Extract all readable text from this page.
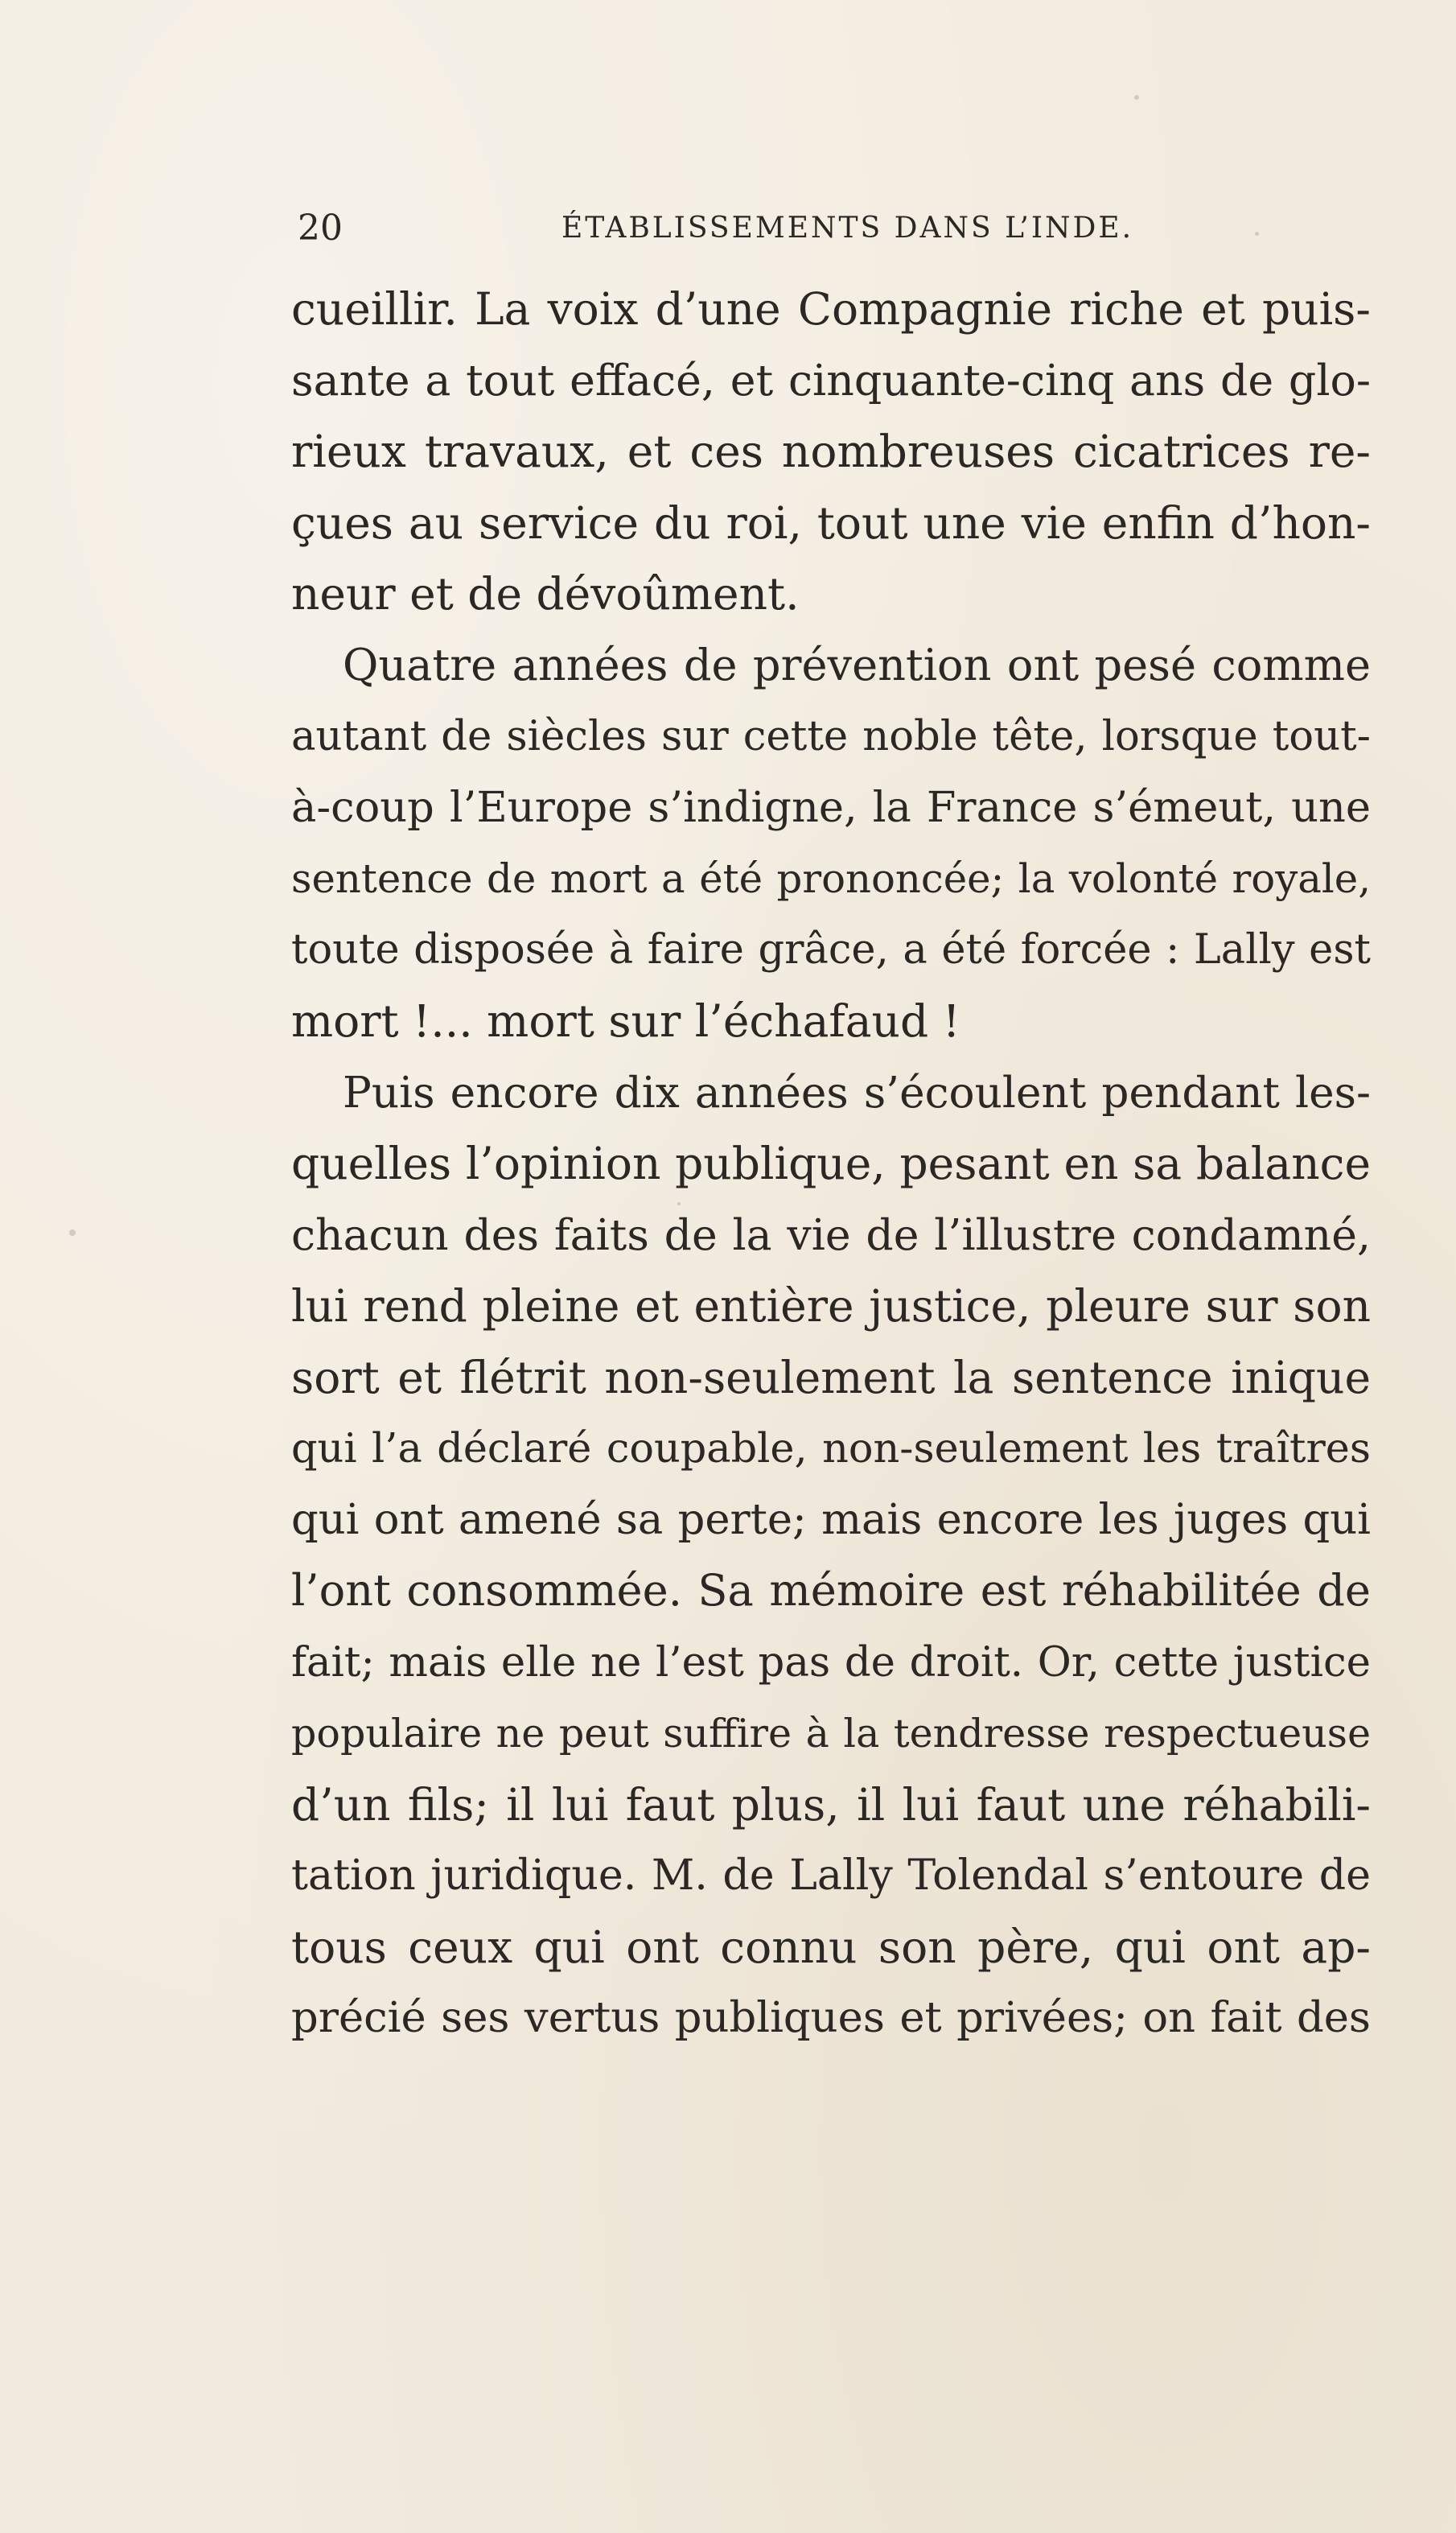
20	ÉTABLISSEMENTS DANS L’INDE.
cueillir. La voix d’une Compagnie riche et puis-
sante a tout effacé, et cinquante-cinq ans de glo-
rieux travaux, et ces nombreuses cicatrices re-
çues au service du roi, tout une vie enfin d’hon-
neur et de dévoûment.
Quatre années de prévention ont pesé comme
autant de siècles sur cette noble tête, lorsque tout-
à-coup l’Europe s’indigne, la France s’émeut, une
sentence de mort a été prononcée; la volonté royale,
toute disposée à faire grâce, a été forcée : Lally est
mort !... mort sur l’échafaud !
Puis encore dix années s’écoulent pendant les-
quelles l’opinion publique, pesant en sa balance
chacun des faits de la vie de l’illustre condamné,
lui rend pleine et entière justice, pleure sur son
sort et flétrit non-seulement la sentence inique
qui l’a déclaré coupable, non-seulement les traîtres
qui ont amené sa perte; mais encore les juges qui
l’ont consommée. Sa mémoire est réhabilitée de
fait; mais elle ne l’est pas de droit. Or, cette justice
populaire ne peut suffire à la tendresse respectueuse
d’un fils; il lui faut plus, il lui faut une réhabili-
tation juridique. M. de Lally Tolendal s’entoure de
tous ceux qui ont connu son père, qui ont ap-
précié ses vertus publiques et privées; on fait des
